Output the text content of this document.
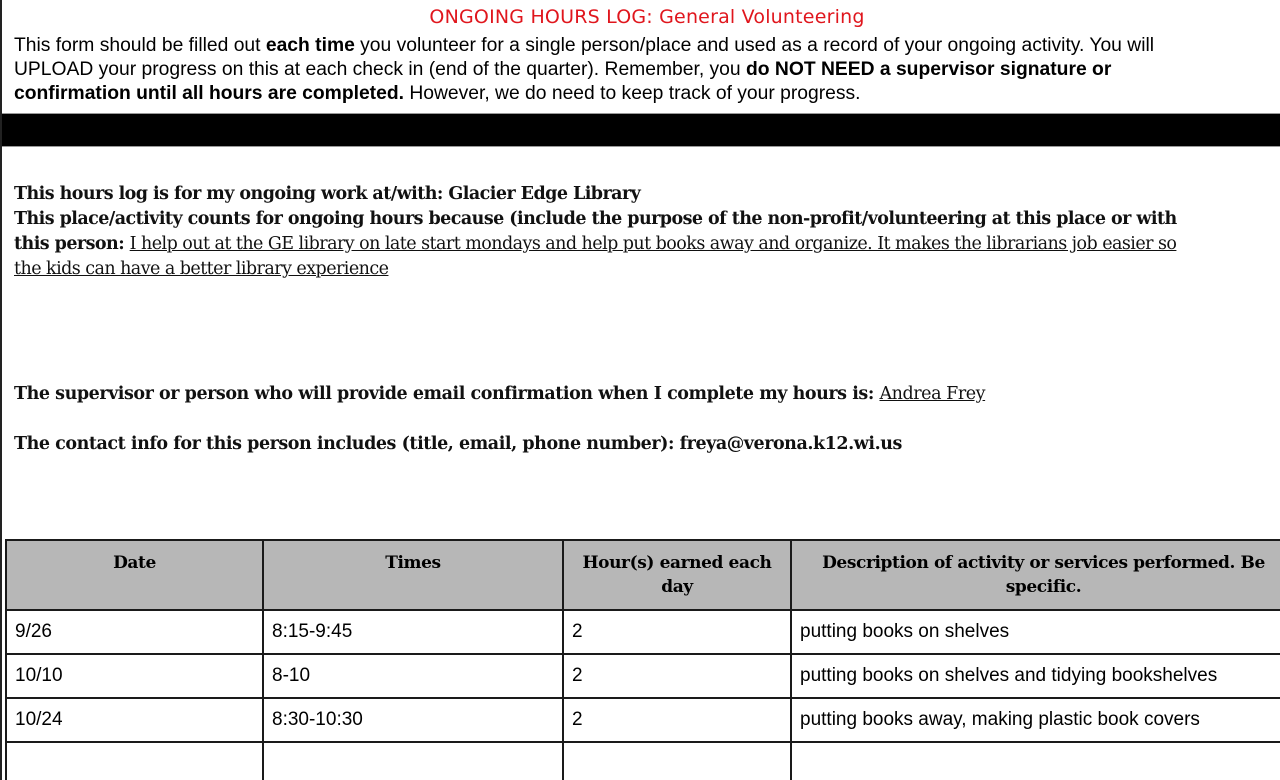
ONGOING HOURS LOG: General Volunteering
This form should be filled out each time you volunteer for a single person/place and used as a record of your ongoing activity. You will
UPLOAD your progress on this at each check in (end of the quarter). Remember, you do NOT NEED a supervisor signature or
confirmation until all hours are completed. However, we do need to keep track of your progress.
This hours log is for my ongoing work at/with: Glacier Edge Library
This place/activity counts for ongoing hours because (include the purpose of the non-profit/volunteering at this place or with
this person: I help out at the GE library on late start mondays and help put books away and organize. It makes the librarians job easier so
the kids can have a better library experience
The supervisor or person who will provide email confirmation when I complete my hours is: Andrea Frey
The contact info for this person includes (title, email, phone number): freya@verona.k12.wi.us
Date	Times	Hour(s) earned each day	Description of activity or services performed. Be specific.
9/26	8:15-9:45	2	putting books on shelves
10/10	8-10	2	putting books on shelves and tidying bookshelves
10/24	8:30-10:30	2	putting books away, making plastic book covers
